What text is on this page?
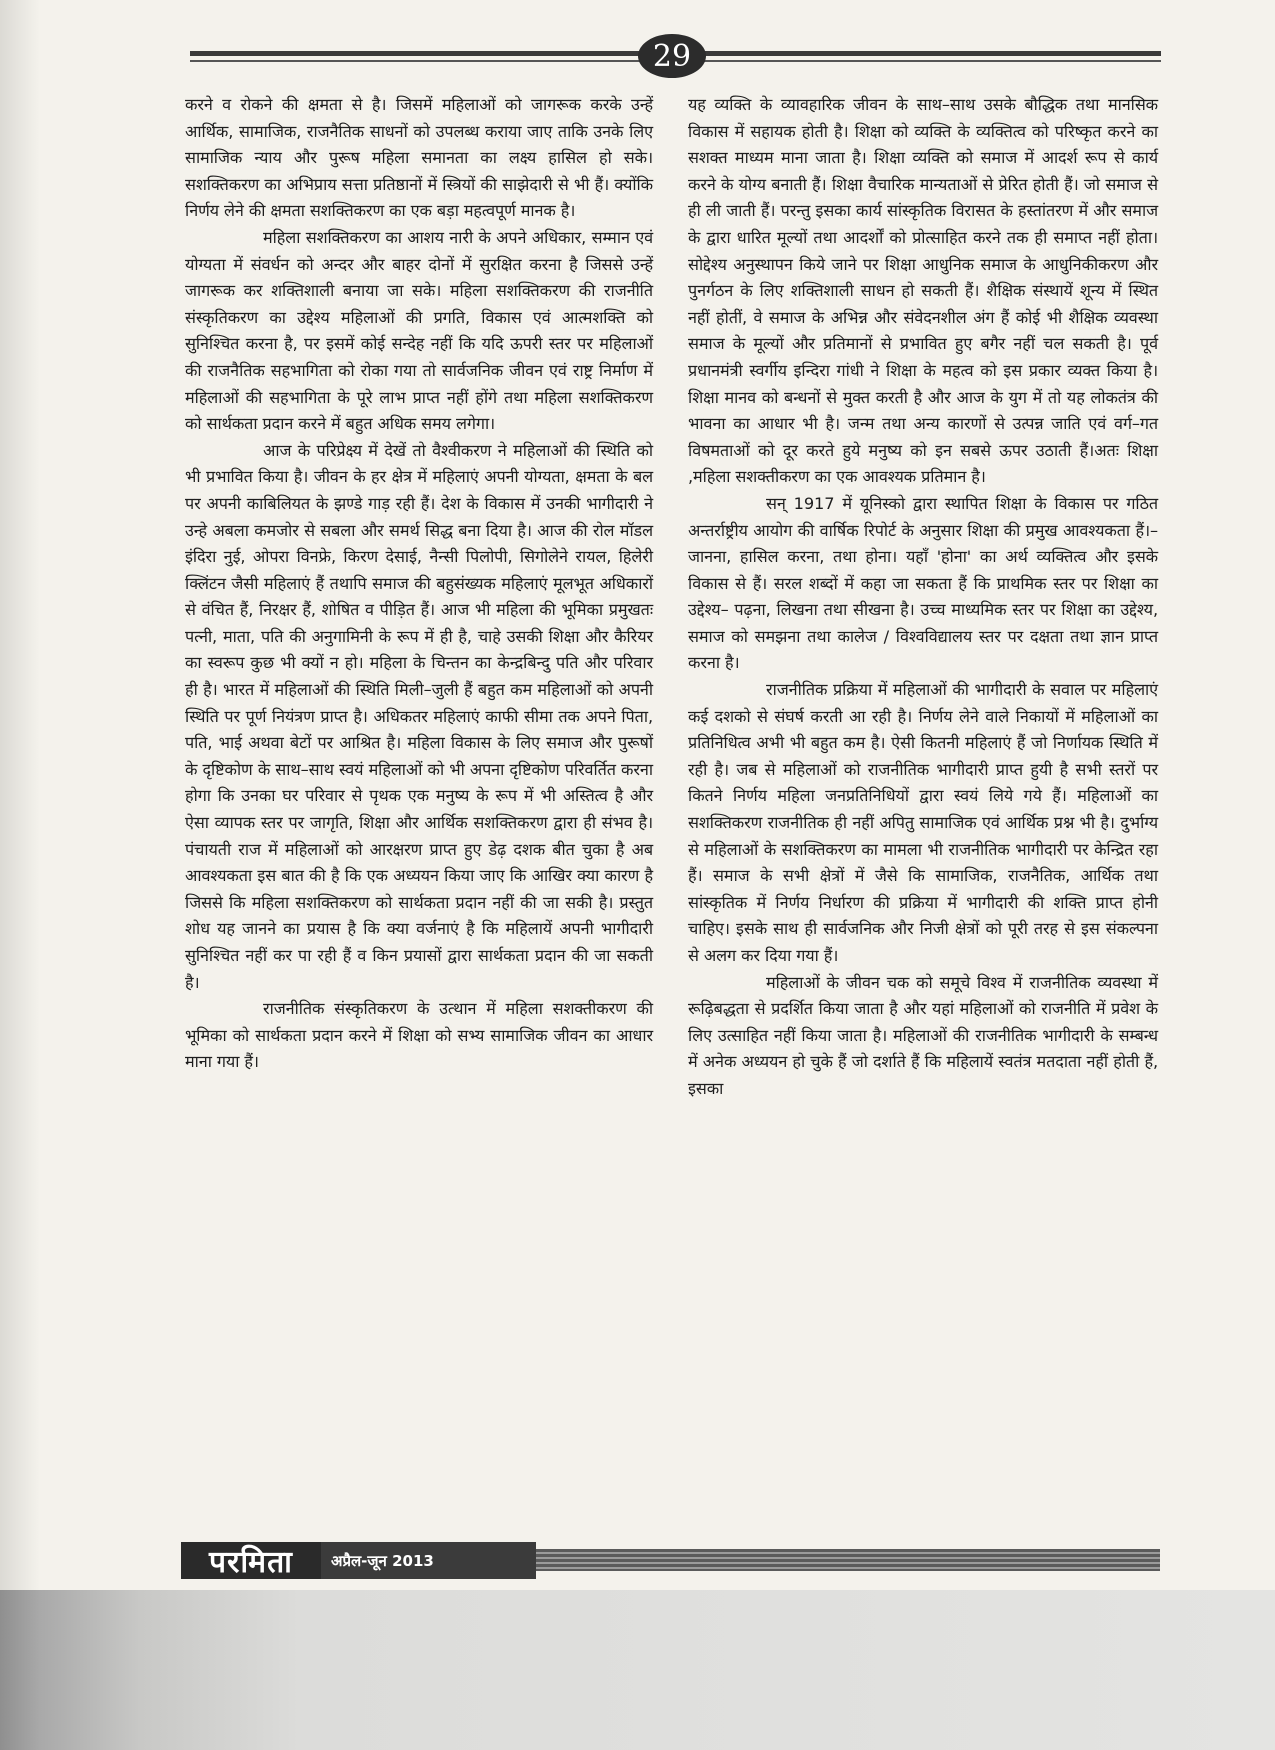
29

करने व रोकने की क्षमता से है। जिसमें महिलाओं को जागरूक करके उन्हें आर्थिक, सामाजिक, राजनैतिक साधनों को उपलब्ध कराया जाए ताकि उनके लिए सामाजिक न्याय और पुरूष महिला समानता का लक्ष्य हासिल हो सके। सशक्तिकरण का अभिप्राय सत्ता प्रतिष्ठानों में स्त्रियों की साझेदारी से भी हैं। क्योंकि निर्णय लेने की क्षमता सशक्तिकरण का एक बड़ा महत्वपूर्ण मानक है।

महिला सशक्तिकरण का आशय नारी के अपने अधिकार, सम्मान एवं योग्यता में संवर्धन को अन्दर और बाहर दोनों में सुरक्षित करना है जिससे उन्हें जागरूक कर शक्तिशाली बनाया जा सके। महिला सशक्तिकरण की राजनीति संस्कृतिकरण का उद्देश्य महिलाओं की प्रगति, विकास एवं आत्मशक्ति को सुनिश्चित करना है, पर इसमें कोई सन्देह नहीं कि यदि ऊपरी स्तर पर महिलाओं की राजनैतिक सहभागिता को रोका गया तो सार्वजनिक जीवन एवं राष्ट्र निर्माण में महिलाओं की सहभागिता के पूरे लाभ प्राप्त नहीं होंगे तथा महिला सशक्तिकरण को सार्थकता प्रदान करने में बहुत अधिक समय लगेगा।

आज के परिप्रेक्ष्य में देखें तो वैश्वीकरण ने महिलाओं की स्थिति को भी प्रभावित किया है। जीवन के हर क्षेत्र में महिलाएं अपनी योग्यता, क्षमता के बल पर अपनी काबिलियत के झण्डे गाड़ रही हैं। देश के विकास में उनकी भागीदारी ने उन्हे अबला कमजोर से सबला और समर्थ सिद्ध बना दिया है। आज की रोल मॉडल इंदिरा नुई, ओपरा विनफ्रे, किरण देसाई, नैन्सी पिलोपी, सिगोलेने रायल, हिलेरी क्लिंटन जैसी महिलाएं हैं तथापि समाज की बहुसंख्यक महिलाएं मूलभूत अधिकारों से वंचित हैं, निरक्षर हैं, शोषित व पीड़ित हैं। आज भी महिला की भूमिका प्रमुखतः पत्नी, माता, पति की अनुगामिनी के रूप में ही है, चाहे उसकी शिक्षा और कैरियर का स्वरूप कुछ भी क्यों न हो। महिला के चिन्तन का केन्द्रबिन्दु पति और परिवार ही है। भारत में महिलाओं की स्थिति मिली–जुली हैं बहुत कम महिलाओं को अपनी स्थिति पर पूर्ण नियंत्रण प्राप्त है। अधिकतर महिलाएं काफी सीमा तक अपने पिता, पति, भाई अथवा बेटों पर आश्रित है। महिला विकास के लिए समाज और पुरूषों के दृष्टिकोण के साथ–साथ स्वयं महिलाओं को भी अपना दृष्टिकोण परिवर्तित करना होगा कि उनका घर परिवार से पृथक एक मनुष्य के रूप में भी अस्तित्व है और ऐसा व्यापक स्तर पर जागृति, शिक्षा और आर्थिक सशक्तिकरण द्वारा ही संभव है। पंचायती राज में महिलाओं को आरक्षरण प्राप्त हुए डेढ़ दशक बीत चुका है अब आवश्यकता इस बात की है कि एक अध्ययन किया जाए कि आखिर क्या कारण है जिससे कि महिला सशक्तिकरण को सार्थकता प्रदान नहीं की जा सकी है। प्रस्तुत शोध यह जानने का प्रयास है कि क्या वर्जनाएं है कि महिलायें अपनी भागीदारी सुनिश्चित नहीं कर पा रही हैं व किन प्रयासों द्वारा सार्थकता प्रदान की जा सकती है।

राजनीतिक संस्कृतिकरण के उत्थान में महिला सशक्तीकरण की भूमिका को सार्थकता प्रदान करने में शिक्षा को सभ्य सामाजिक जीवन का आधार माना गया हैं।

यह व्यक्ति के व्यावहारिक जीवन के साथ–साथ उसके बौद्धिक तथा मानसिक विकास में सहायक होती है। शिक्षा को व्यक्ति के व्यक्तित्व को परिष्कृत करने का सशक्त माध्यम माना जाता है। शिक्षा व्यक्ति को समाज में आदर्श रूप से कार्य करने के योग्य बनाती हैं। शिक्षा वैचारिक मान्यताओं से प्रेरित होती हैं। जो समाज से ही ली जाती हैं। परन्तु इसका कार्य सांस्कृतिक विरासत के हस्तांतरण में और समाज के द्वारा धारित मूल्यों तथा आदर्शों को प्रोत्साहित करने तक ही समाप्त नहीं होता। सोद्देश्य अनुस्थापन किये जाने पर शिक्षा आधुनिक समाज के आधुनिकीकरण और पुनर्गठन के लिए शक्तिशाली साधन हो सकती हैं। शैक्षिक संस्थायें शून्य में स्थित नहीं होतीं, वे समाज के अभिन्न और संवेदनशील अंग हैं कोई भी शैक्षिक व्यवस्था समाज के मूल्यों और प्रतिमानों से प्रभावित हुए बगैर नहीं चल सकती है। पूर्व प्रधानमंत्री स्वर्गीय इन्दिरा गांधी ने शिक्षा के महत्व को इस प्रकार व्यक्त किया है। शिक्षा मानव को बन्धनों से मुक्त करती है और आज के युग में तो यह लोकतंत्र की भावना का आधार भी है। जन्म तथा अन्य कारणों से उत्पन्न जाति एवं वर्ग–गत विषमताओं को दूर करते हुये मनुष्य को इन सबसे ऊपर उठाती हैं।अतः शिक्षा ,महिला सशक्तीकरण का एक आवश्यक प्रतिमान है।

सन् 1917 में यूनिस्को द्वारा स्थापित शिक्षा के विकास पर गठित अन्तर्राष्ट्रीय आयोग की वार्षिक रिपोर्ट के अनुसार शिक्षा की प्रमुख आवश्यकता हैं।–जानना, हासिल करना, तथा होना। यहाँ 'होना' का अर्थ व्यक्तित्व और इसके विकास से हैं। सरल शब्दों में कहा जा सकता हैं कि प्राथमिक स्तर पर शिक्षा का उद्देश्य– पढ़ना, लिखना तथा सीखना है। उच्च माध्यमिक स्तर पर शिक्षा का उद्देश्य, समाज को समझना तथा कालेज / विश्वविद्यालय स्तर पर दक्षता तथा ज्ञान प्राप्त करना है।

राजनीतिक प्रक्रिया में महिलाओं की भागीदारी के सवाल पर महिलाएं कई दशको से संघर्ष करती आ रही है। निर्णय लेने वाले निकायों में महिलाओं का प्रतिनिधित्व अभी भी बहुत कम है। ऐसी कितनी महिलाएं हैं जो निर्णायक स्थिति में रही है। जब से महिलाओं को राजनीतिक भागीदारी प्राप्त हुयी है सभी स्तरों पर कितने निर्णय महिला जनप्रतिनिधियों द्वारा स्वयं लिये गये हैं। महिलाओं का सशक्तिकरण राजनीतिक ही नहीं अपितु सामाजिक एवं आर्थिक प्रश्न भी है। दुर्भाग्य से महिलाओं के सशक्तिकरण का मामला भी राजनीतिक भागीदारी पर केन्द्रित रहा हैं। समाज के सभी क्षेत्रों में जैसे कि सामाजिक, राजनैतिक, आर्थिक तथा सांस्कृतिक में निर्णय निर्धारण की प्रक्रिया में भागीदारी की शक्ति प्राप्त होनी चाहिए। इसके साथ ही सार्वजनिक और निजी क्षेत्रों को पूरी तरह से इस संकल्पना से अलग कर दिया गया हैं।

महिलाओं के जीवन चक को समूचे विश्व में राजनीतिक व्यवस्था में रूढ़िबद्धता से प्रदर्शित किया जाता है और यहां महिलाओं को राजनीति में प्रवेश के लिए उत्साहित नहीं किया जाता है। महिलाओं की राजनीतिक भागीदारी के सम्बन्ध में अनेक अध्ययन हो चुके हैं जो दर्शाते हैं कि महिलायें स्वतंत्र मतदाता नहीं होती हैं, इसका

परमिता	अप्रैल-जून 2013
